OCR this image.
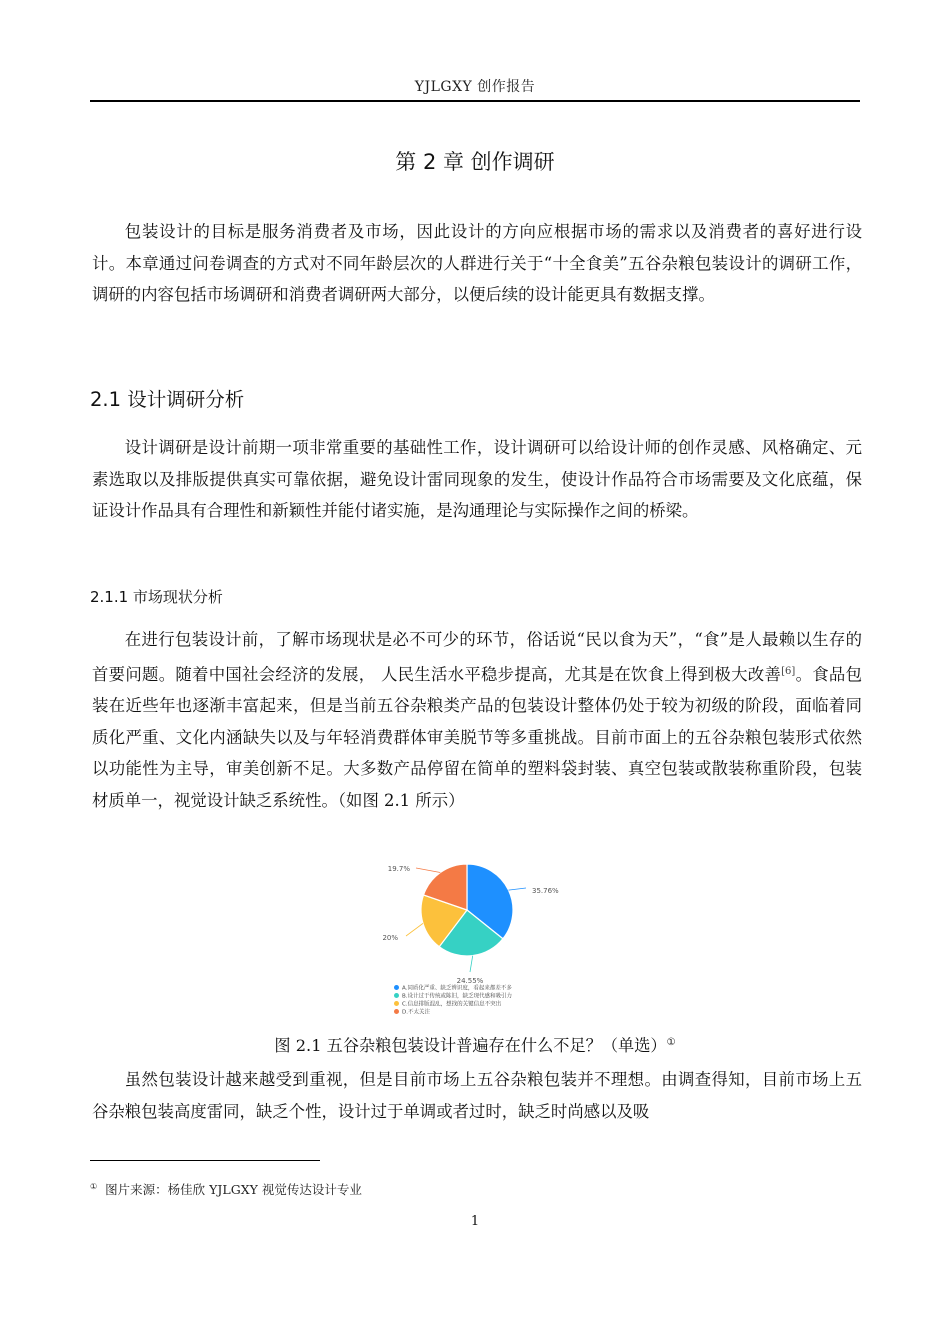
YJLGXY 创作报告
第 2 章 创作调研

包装设计的目标是服务消费者及市场，因此设计的方向应根据市场的需求以及消费者的喜好进行设计。本章通过问卷调查的方式对不同年龄层次的人群进行关于“十全食美”五谷杂粮包装设计的调研工作，调研的内容包括市场调研和消费者调研两大部分，以便后续的设计能更具有数据支撑。

2.1 设计调研分析

设计调研是设计前期一项非常重要的基础性工作，设计调研可以给设计师的创作灵感、风格确定、元素选取以及排版提供真实可靠依据，避免设计雷同现象的发生，使设计作品符合市场需要及文化底蕴，保证设计作品具有合理性和新颖性并能付诸实施，是沟通理论与实际操作之间的桥梁。

2.1.1 市场现状分析

在进行包装设计前，了解市场现状是必不可少的环节，俗话说“民以食为天”，“食”是人最赖以生存的首要问题。随着中国社会经济的发展， 人民生活水平稳步提高，尤其是在饮食上得到极大改善[6]。食品包装在近些年也逐渐丰富起来，但是当前五谷杂粮类产品的包装设计整体仍处于较为初级的阶段，面临着同质化严重、文化内涵缺失以及与年轻消费群体审美脱节等多重挑战。目前市面上的五谷杂粮包装形式依然以功能性为主导，审美创新不足。大多数产品停留在简单的塑料袋封装、真空包装或散装称重阶段，包装材质单一，视觉设计缺乏系统性。（如图 2.1 所示）

35.76%
24.55%
20%
19.7%
A.同质化严重、缺乏辨识度，看起来都差不多
B.设计过于传统或陈旧，缺乏现代感和吸引力
C.信息排版混乱，想找的关键信息不突出
D.不太关注
图 2.1 五谷杂粮包装设计普遍存在什么不足？（单选）①

虽然包装设计越来越受到重视，但是目前市场上五谷杂粮包装并不理想。由调查得知，目前市场上五谷杂粮包装高度雷同，缺乏个性，设计过于单调或者过时，缺乏时尚感以及吸

① 图片来源：杨佳欣 YJLGXY 视觉传达设计专业
1
